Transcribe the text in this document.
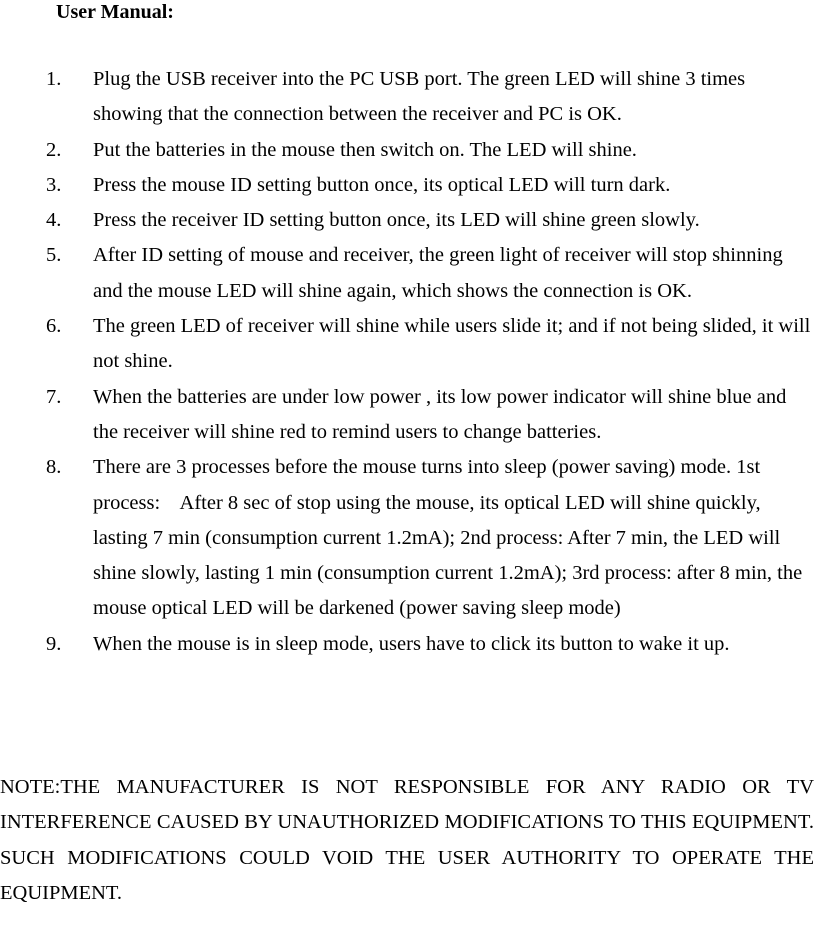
User Manual:
1. Plug the USB receiver into the PC USB port. The green LED will shine 3 times showing that the connection between the receiver and PC is OK.
2. Put the batteries in the mouse then switch on. The LED will shine.
3. Press the mouse ID setting button once, its optical LED will turn dark.
4. Press the receiver ID setting button once, its LED will shine green slowly.
5. After ID setting of mouse and receiver, the green light of receiver will stop shinning and the mouse LED will shine again, which shows the connection is OK.
6. The green LED of receiver will shine while users slide it; and if not being slided, it will not shine.
7. When the batteries are under low power , its low power indicator will shine blue and the receiver will shine red to remind users to change batteries.
8. There are 3 processes before the mouse turns into sleep (power saving) mode. 1st process:    After 8 sec of stop using the mouse, its optical LED will shine quickly, lasting 7 min (consumption current 1.2mA); 2nd process: After 7 min, the LED will shine slowly, lasting 1 min (consumption current 1.2mA); 3rd process: after 8 min, the mouse optical LED will be darkened (power saving sleep mode)
9. When the mouse is in sleep mode, users have to click its button to wake it up.
NOTE:THE MANUFACTURER IS NOT RESPONSIBLE FOR ANY RADIO OR TV INTERFERENCE CAUSED BY UNAUTHORIZED MODIFICATIONS TO THIS EQUIPMENT. SUCH MODIFICATIONS COULD VOID THE USER AUTHORITY TO OPERATE THE EQUIPMENT.
